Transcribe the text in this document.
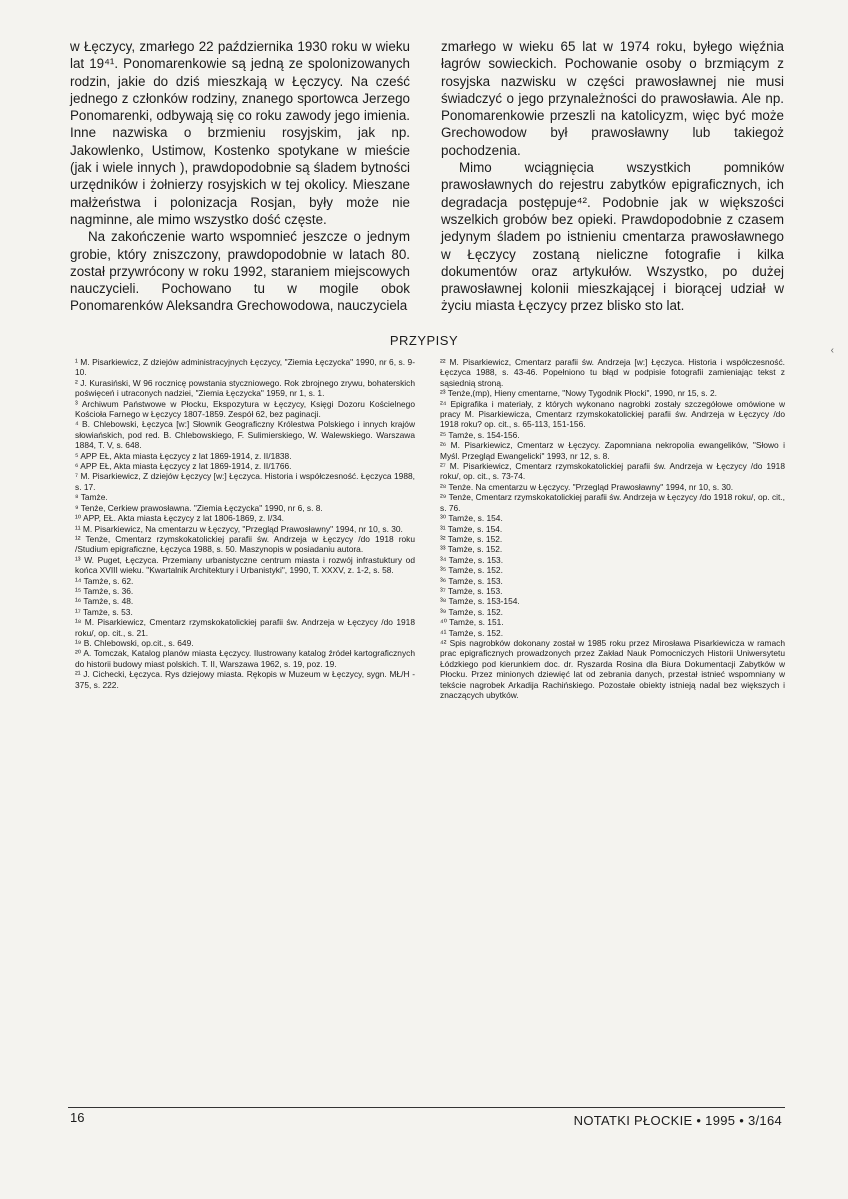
w Łęczycy, zmarłego 22 października 1930 roku w wieku lat 19⁴¹. Ponomarenkowie są jedną ze spolonizowanych rodzin, jakie do dziś mieszkają w Łęczycy. Na cześć jednego z członków rodziny, znanego sportowca Jerzego Ponomarenki, odbywają się co roku zawody jego imienia. Inne nazwiska o brzmieniu rosyjskim, jak np. Jakowlenko, Ustimow, Kostenko spotykane w mieście (jak i wiele innych ), prawdopodobnie są śladem bytności urzędników i żołnierzy rosyjskich w tej okolicy. Mieszane małżeństwa i polonizacja Rosjan, były może nie nagminne, ale mimo wszystko dość częste.

Na zakończenie warto wspomnieć jeszcze o jednym grobie, który zniszczony, prawdopodobnie w latach 80. został przywrócony w roku 1992, staraniem miejscowych nauczycieli. Pochowano tu w mogile obok Ponomarenków Aleksandra Grechowodowa, nauczyciela

zmarłego w wieku 65 lat w 1974 roku, byłego więźnia łagrów sowieckich. Pochowanie osoby o brzmiącym z rosyjska nazwisku w części prawosławnej nie musi świadczyć o jego przynależności do prawosławia. Ale np. Ponomarenkowie przeszli na katolicyzm, więc być może Grechowodow był prawosławny lub takiegoż pochodzenia.

Mimo wciągnięcia wszystkich pomników prawosławnych do rejestru zabytków epigraficznych, ich degradacja postępuje⁴². Podobnie jak w większości wszelkich grobów bez opieki. Prawdopodobnie z czasem jedynym śladem po istnieniu cmentarza prawosławnego w Łęczycy zostaną nieliczne fotografie i kilka dokumentów oraz artykułów. Wszystko, po dużej prawosławnej kolonii mieszkającej i biorącej udział w życiu miasta Łęczycy przez blisko sto lat.

PRZYPISY
¹ M. Pisarkiewicz, Z dziejów administracyjnych Łęczycy, "Ziemia Łęczycka" 1990, nr 6, s. 9-10.
² J. Kurasiński, W 96 rocznicę powstania styczniowego. Rok zbrojnego zrywu, bohaterskich poświęceń i utraconych nadziei, "Ziemia Łęczycka" 1959, nr 1, s. 1.
³ Archiwum Państwowe w Płocku, Ekspozytura w Łęczycy, Księgi Dozoru Kościelnego Kościoła Farnego w Łęczycy 1807-1859. Zespół 62, bez paginacji.
⁴ B. Chlebowski, Łęczyca [w:] Słownik Geograficzny Królestwa Polskiego i innych krajów słowiańskich, pod red. B. Chlebowskiego, F. Sulimierskiego, W. Walewskiego. Warszawa 1884, T. V, s. 648.
⁵ APP EŁ, Akta miasta Łęczycy z lat 1869-1914, z. II/1838.
⁶ APP EŁ, Akta miasta Łęczycy z lat 1869-1914, z. II/1766.
⁷ M. Pisarkiewicz, Z dziejów Łęczycy [w:] Łęczyca. Historia i współczesność. Łęczyca 1988, s. 17.
⁸ Tamże.
⁹ Tenże, Cerkiew prawosławna. "Ziemia Łęczycka" 1990, nr 6, s. 8.
¹⁰ APP, EŁ. Akta miasta Łęczycy z lat 1806-1869, z. I/34.
¹¹ M. Pisarkiewicz, Na cmentarzu w Łęczycy, "Przegląd Prawosławny" 1994, nr 10, s. 30.
¹² Tenże, Cmentarz rzymskokatolickiej parafii św. Andrzeja w Łęczycy /do 1918 roku /Studium epigraficzne, Łęczyca 1988, s. 50. Maszynopis w posiadaniu autora.
¹³ W. Puget, Łęczyca. Przemiany urbanistyczne centrum miasta i rozwój infrastuktury od końca XVIII wieku. "Kwartalnik Architektury i Urbanistyki", 1990, T. XXXV, z. 1-2, s. 58.
¹⁴ Tamże, s. 62.
¹⁵ Tamże, s. 36.
¹⁶ Tamże, s. 48.
¹⁷ Tamże, s. 53.
¹⁸ M. Pisarkiewicz, Cmentarz rzymskokatolickiej parafii św. Andrzeja w Łęczycy /do 1918 roku/, op. cit., s. 21.
¹⁹ B. Chlebowski, op.cit., s. 649.
²⁰ A. Tomczak, Katalog planów miasta Łęczycy. Ilustrowany katalog źródeł kartograficznych do historii budowy miast polskich. T. II, Warszawa 1962, s. 19, poz. 19.
²¹ J. Cichecki, Łęczyca. Rys dziejowy miasta. Rękopis w Muzeum w Łęczycy, sygn. MŁ/H - 375, s. 222.
²² M. Pisarkiewicz, Cmentarz parafii św. Andrzeja [w:] Łęczyca. Historia i współczesność. Łęczyca 1988, s. 43-46. Popełniono tu błąd w podpisie fotografii zamieniając tekst z sąsiednią stroną.
²³ Tenże,(mp), Hieny cmentarne, "Nowy Tygodnik Płocki", 1990, nr 15, s. 2.
²⁴ Epigrafika i materiały, z których wykonano nagrobki zostały szczegółowe omówione w pracy M. Pisarkiewicza, Cmentarz rzymskokatolickiej parafii św. Andrzeja w Łęczycy /do 1918 roku? op. cit., s. 65-113, 151-156.
²⁵ Tamże, s. 154-156.
²⁶ M. Pisarkiewicz, Cmentarz w Łęczycy. Zapomniana nekropolia ewangelików, "Słowo i Myśl. Przegląd Ewangelicki" 1993, nr 12, s. 8.
²⁷ M. Pisarkiewicz, Cmentarz rzymskokatolickiej parafii św. Andrzeja w Łęczycy /do 1918 roku/, op. cit., s. 73-74.
²⁸ Tenże. Na cmentarzu w Łęczycy. "Przegląd Prawosławny" 1994, nr 10, s. 30.
²⁹ Tenże, Cmentarz rzymskokatolickiej parafii św. Andrzeja w Łęczycy /do 1918 roku/, op. cit., s. 76.
³⁰ Tamże, s. 154.
³¹ Tamże, s. 154.
³² Tamże, s. 152.
³³ Tamże, s. 152.
³⁴ Tamże, s. 153.
³⁵ Tamże, s. 152.
³⁶ Tamże, s. 153.
³⁷ Tamże, s. 153.
³⁸ Tamże, s. 153-154.
³⁹ Tamże, s. 152.
⁴⁰ Tamże, s. 151.
⁴¹ Tamże, s. 152.
⁴² Spis nagrobków dokonany został w 1985 roku przez Mirosława Pisarkiewicza w ramach prac epigraficznych prowadzonych przez Zakład Nauk Pomocniczych Historii Uniwersytetu Łódzkiego pod kierunkiem doc. dr. Ryszarda Rosina dla Biura Dokumentacji Zabytków w Płocku. Przez minionych dziewięć lat od zebrania danych, przestał istnieć wspomniany w tekście nagrobek Arkadija Rachińskiego. Pozostałe obiekty istnieją nadal bez większych i znaczących ubytków.
‹
16	NOTATKI PŁOCKIE • 1995 • 3/164
